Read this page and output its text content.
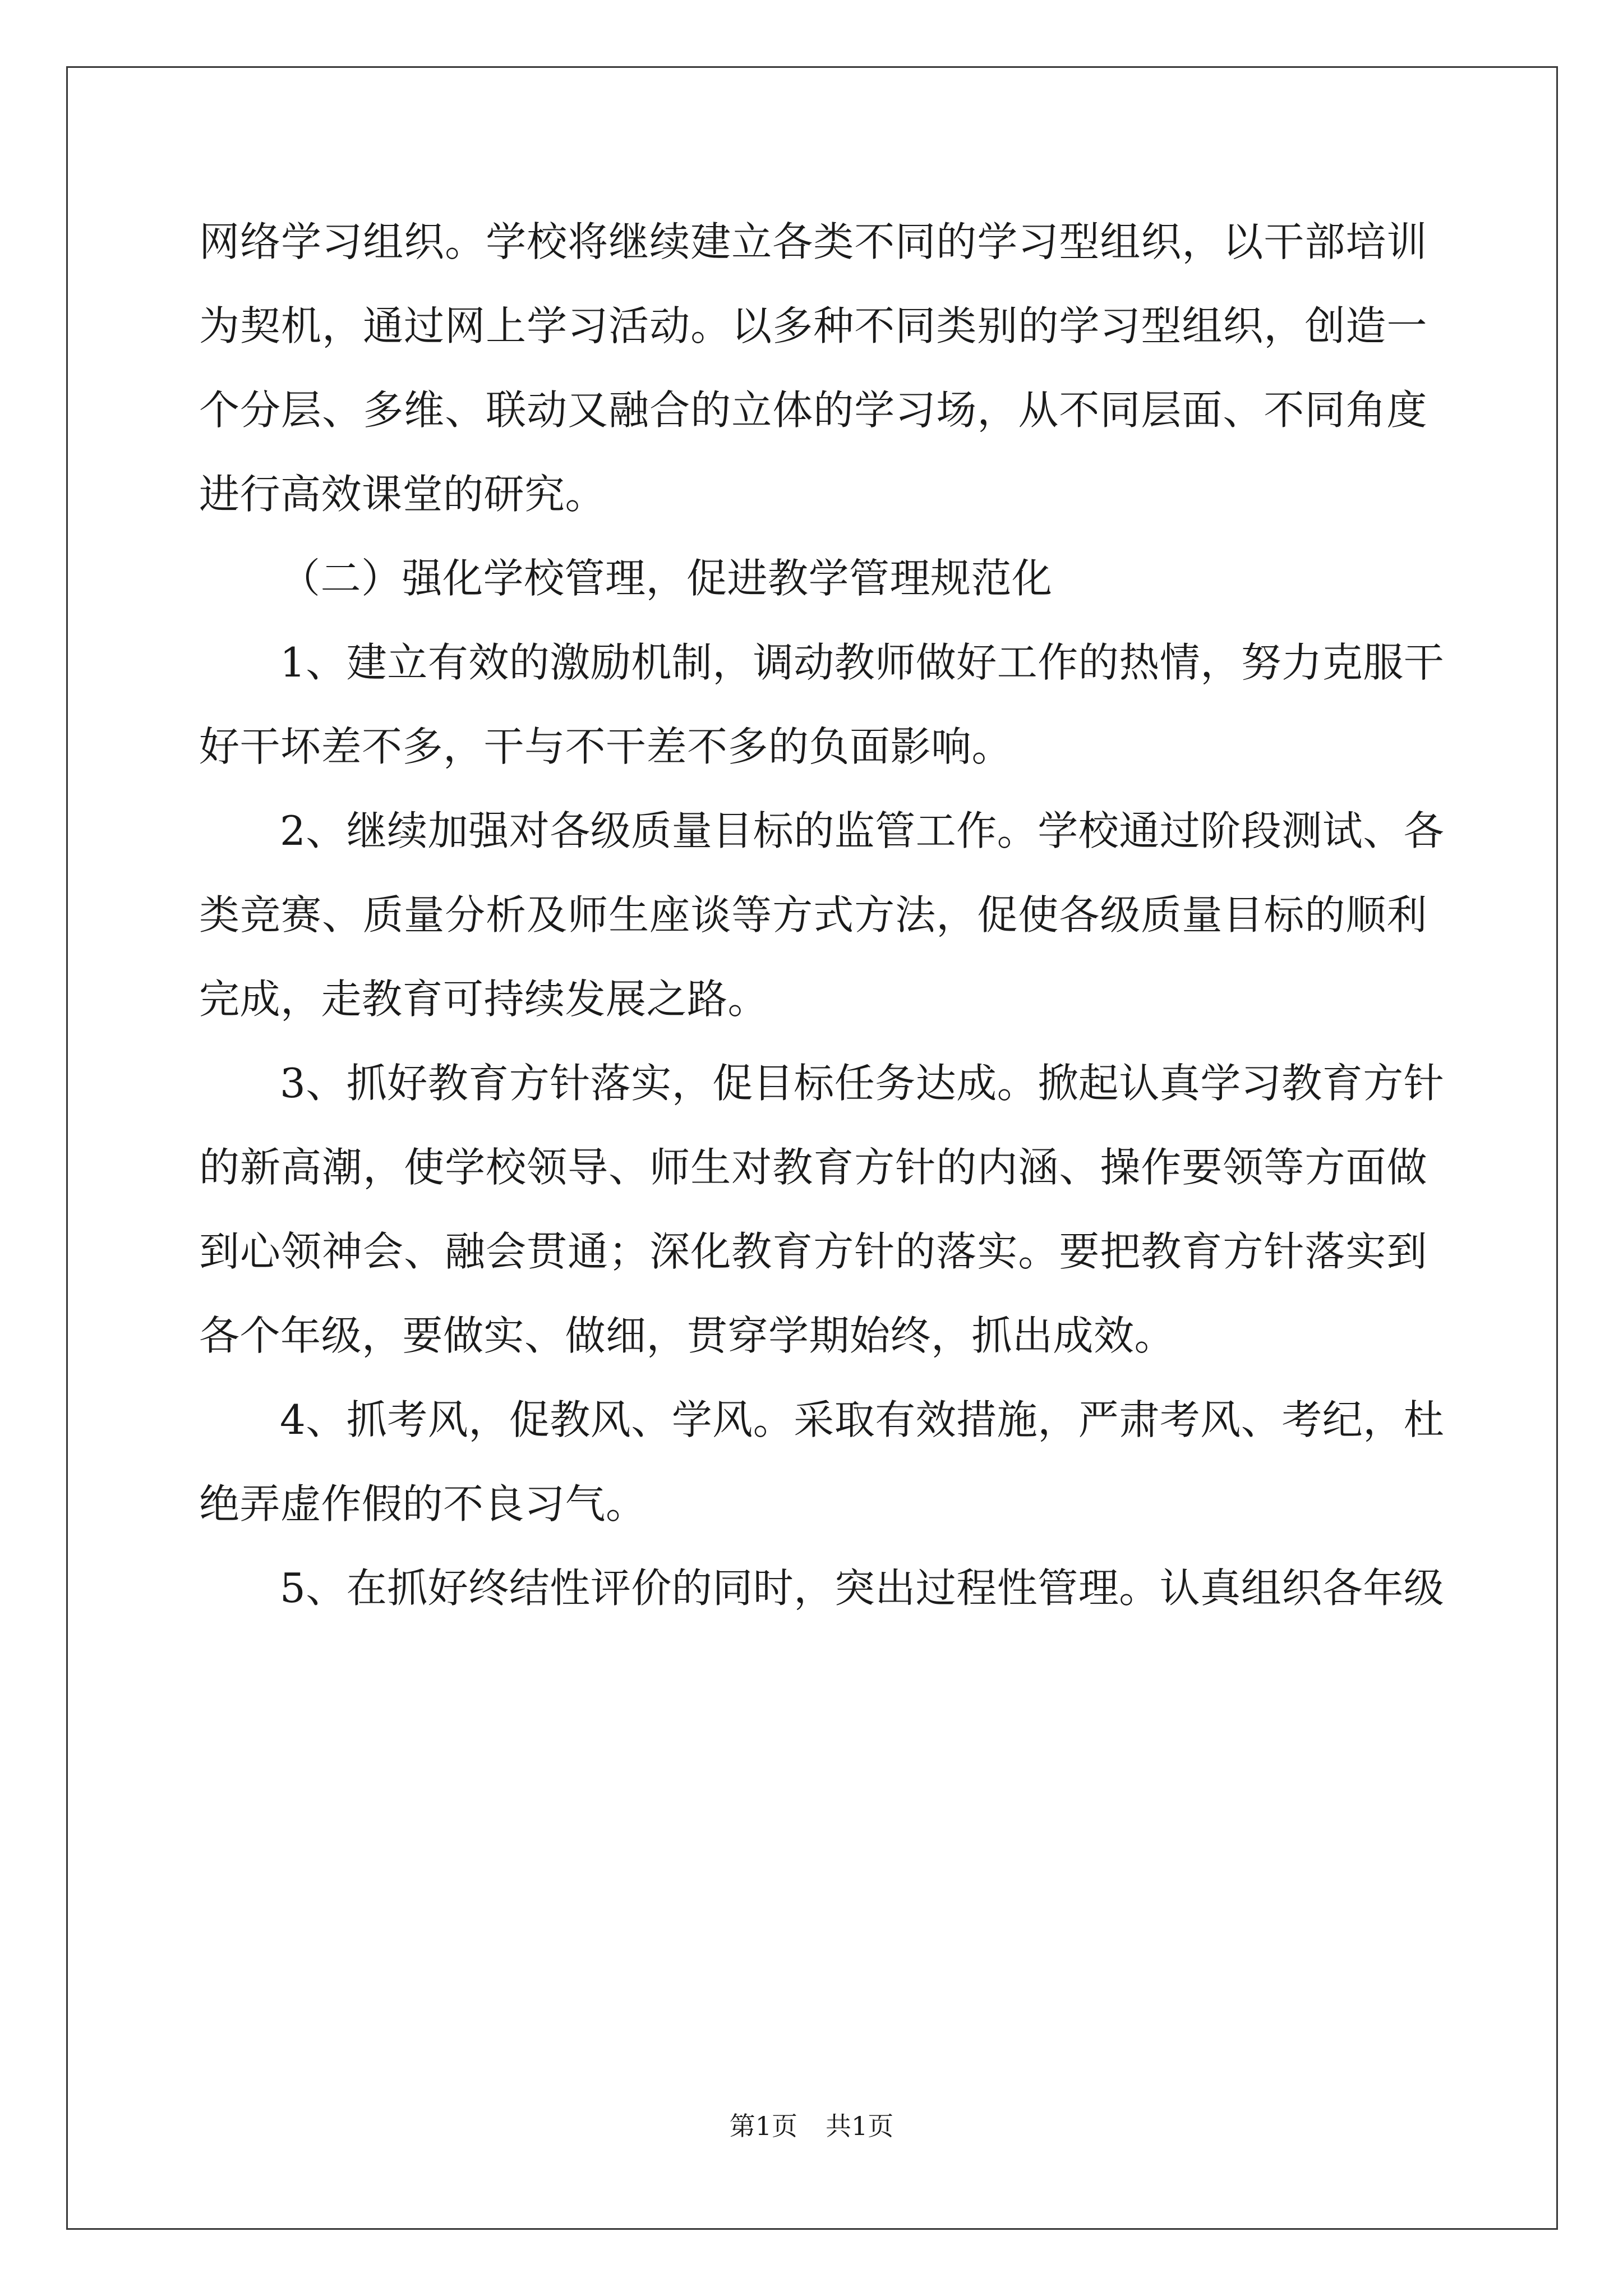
网络学习组织。学校将继续建立各类不同的学习型组织，以干部培训
为契机，通过网上学习活动。以多种不同类别的学习型组织，创造一
个分层、多维、联动又融合的立体的学习场，从不同层面、不同角度
进行高效课堂的研究。
（二）强化学校管理，促进教学管理规范化
1、建立有效的激励机制，调动教师做好工作的热情，努力克服干
好干坏差不多，干与不干差不多的负面影响。
2、继续加强对各级质量目标的监管工作。学校通过阶段测试、各
类竞赛、质量分析及师生座谈等方式方法，促使各级质量目标的顺利
完成，走教育可持续发展之路。
3、抓好教育方针落实，促目标任务达成。掀起认真学习教育方针
的新高潮，使学校领导、师生对教育方针的内涵、操作要领等方面做
到心领神会、融会贯通；深化教育方针的落实。要把教育方针落实到
各个年级，要做实、做细，贯穿学期始终，抓出成效。
4、抓考风，促教风、学风。采取有效措施，严肃考风、考纪，杜
绝弄虚作假的不良习气。
5、在抓好终结性评价的同时，突出过程性管理。认真组织各年级
第1页 共1页
